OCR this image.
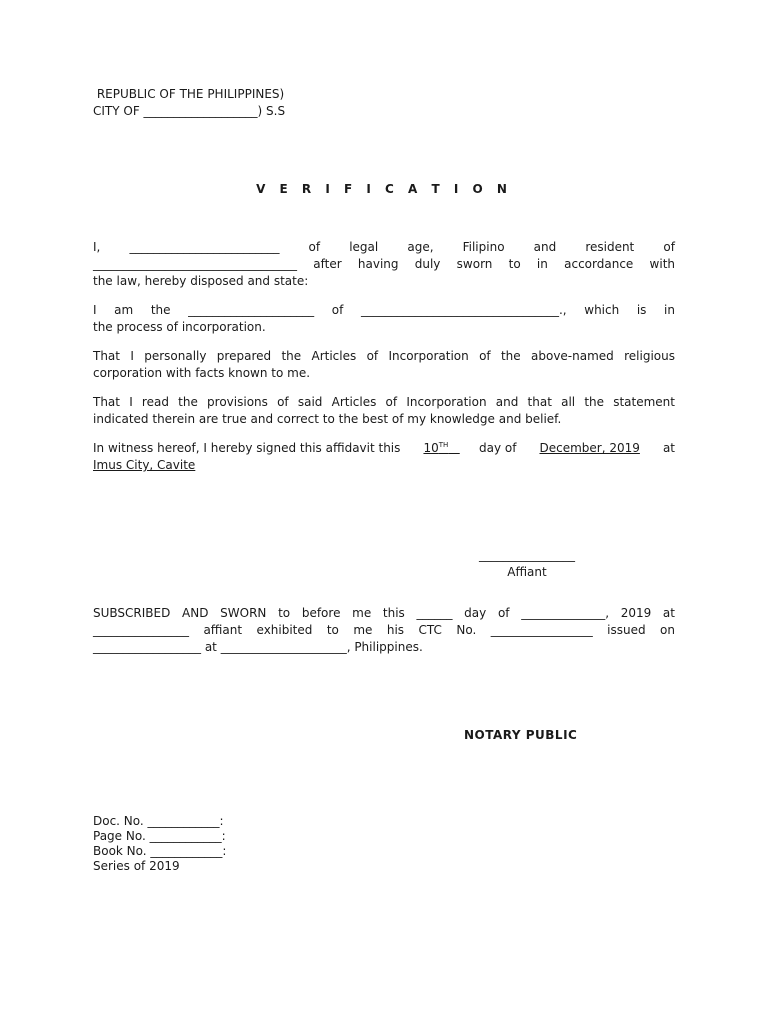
REPUBLIC OF THE PHILIPPINES)
CITY OF ___________________) S.S
V E R I F I C A T I O N
I, _________________________ of legal age, Filipino and resident of
__________________________________ after having duly sworn to in accordance with
the law, hereby disposed and state:
I am the _____________________ of _________________________________., which is in
the process of incorporation.
That I personally prepared the Articles of Incorporation of the above-named religious
corporation with facts known to me.
That I read the provisions of said Articles of Incorporation and that all the statement
indicated therein are true and correct to the best of my knowledge and belief.
In witness hereof, I hereby signed this affidavit this 10TH	day of December, 2019 at
Imus City, Cavite
________________
Affiant
SUBSCRIBED AND SWORN to before me this ______ day of ______________, 2019 at
________________ affiant exhibited to me his CTC No. _________________ issued on
__________________ at _____________________, Philippines.
NOTARY PUBLIC
Doc. No. ____________:
Page No. ____________:
Book No. ____________:
Series of 2019
